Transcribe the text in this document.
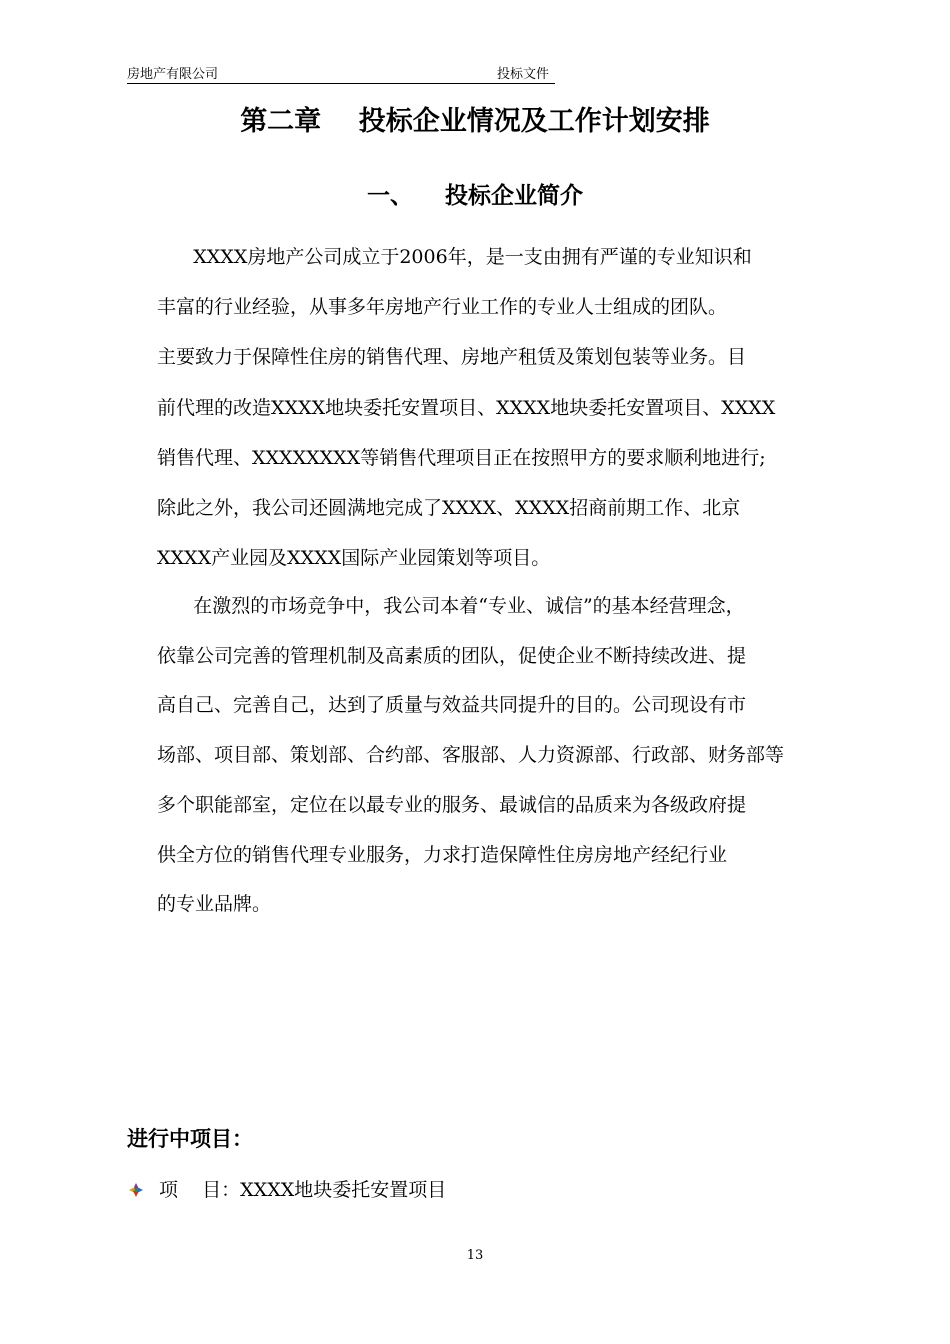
房地产有限公司	投标文件
第二章    投标企业情况及工作计划安排
一、    投标企业简介
XXXX房地产公司成立于2006年，是一支由拥有严谨的专业知识和
丰富的行业经验，从事多年房地产行业工作的专业人士组成的团队。
主要致力于保障性住房的销售代理、房地产租赁及策划包装等业务。目
前代理的改造XXXX地块委托安置项目、XXXX地块委托安置项目、XXXX
销售代理、XXXXXXXX等销售代理项目正在按照甲方的要求顺利地进行;
除此之外，我公司还圆满地完成了XXXX、XXXX招商前期工作、北京
XXXX产业园及XXXX国际产业园策划等项目。
在激烈的市场竞争中，我公司本着“专业、诚信”的基本经营理念，
依靠公司完善的管理机制及高素质的团队，促使企业不断持续改进、提
高自己、完善自己，达到了质量与效益共同提升的目的。公司现设有市
场部、项目部、策划部、合约部、客服部、人力资源部、行政部、财务部等
多个职能部室，定位在以最专业的服务、最诚信的品质来为各级政府提
供全方位的销售代理专业服务，力求打造保障性住房房地产经纪行业
的专业品牌。
进行中项目：
项    目：XXXX地块委托安置项目
13
